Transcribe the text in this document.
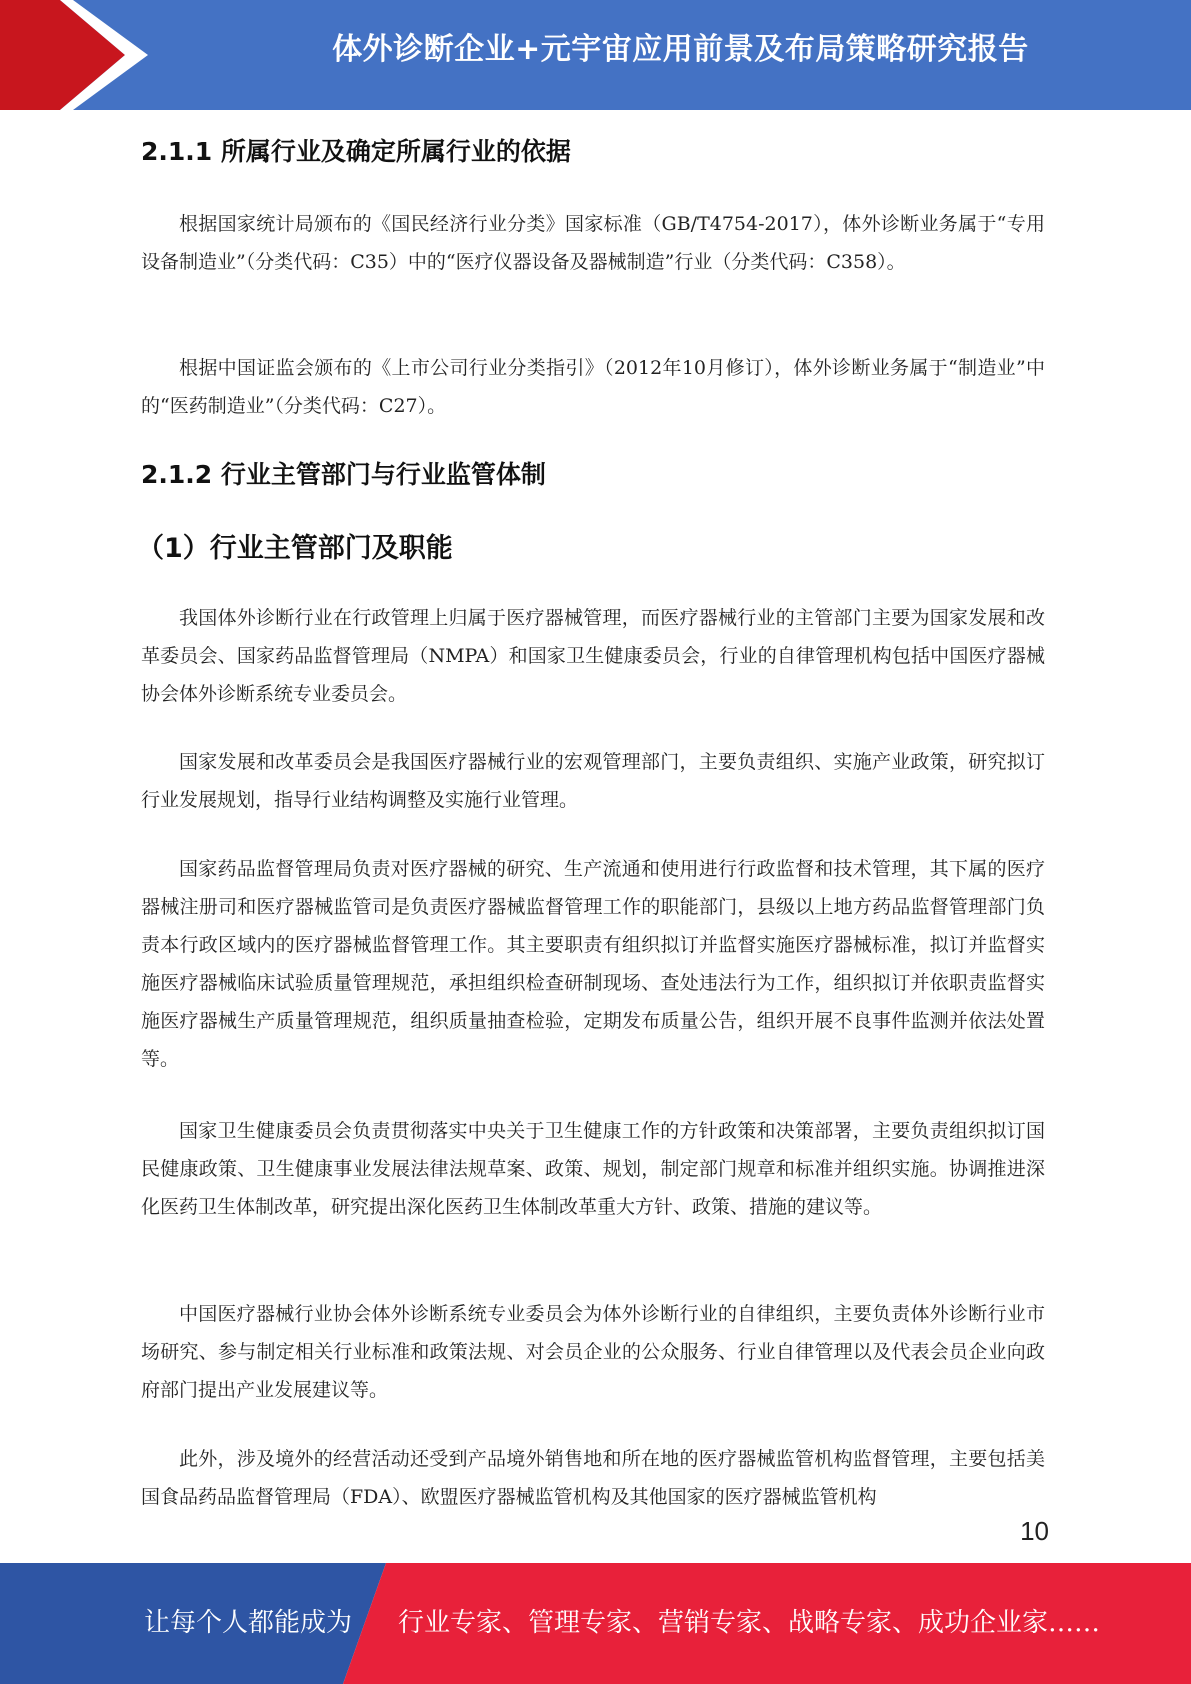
体外诊断企业+元宇宙应用前景及布局策略研究报告
2.1.1 所属行业及确定所属行业的依据

根据国家统计局颁布的《国民经济行业分类》国家标准（GB/T4754-2017），体外诊断业务属于“专用设备制造业”（分类代码：C35）中的“医疗仪器设备及器械制造”行业（分类代码：C358）。

根据中国证监会颁布的《上市公司行业分类指引》（2012年10月修订），体外诊断业务属于“制造业”中的“医药制造业”（分类代码：C27）。

2.1.2 行业主管部门与行业监管体制
（1）行业主管部门及职能

我国体外诊断行业在行政管理上归属于医疗器械管理，而医疗器械行业的主管部门主要为国家发展和改革委员会、国家药品监督管理局（NMPA）和国家卫生健康委员会，行业的自律管理机构包括中国医疗器械协会体外诊断系统专业委员会。

国家发展和改革委员会是我国医疗器械行业的宏观管理部门，主要负责组织、实施产业政策，研究拟订行业发展规划，指导行业结构调整及实施行业管理。

国家药品监督管理局负责对医疗器械的研究、生产流通和使用进行行政监督和技术管理，其下属的医疗器械注册司和医疗器械监管司是负责医疗器械监督管理工作的职能部门，县级以上地方药品监督管理部门负责本行政区域内的医疗器械监督管理工作。其主要职责有组织拟订并监督实施医疗器械标准，拟订并监督实施医疗器械临床试验质量管理规范，承担组织检查研制现场、查处违法行为工作，组织拟订并依职责监督实施医疗器械生产质量管理规范，组织质量抽查检验，定期发布质量公告，组织开展不良事件监测并依法处置等。

国家卫生健康委员会负责贯彻落实中央关于卫生健康工作的方针政策和决策部署，主要负责组织拟订国民健康政策、卫生健康事业发展法律法规草案、政策、规划，制定部门规章和标准并组织实施。协调推进深化医药卫生体制改革，研究提出深化医药卫生体制改革重大方针、政策、措施的建议等。

中国医疗器械行业协会体外诊断系统专业委员会为体外诊断行业的自律组织，主要负责体外诊断行业市场研究、参与制定相关行业标准和政策法规、对会员企业的公众服务、行业自律管理以及代表会员企业向政府部门提出产业发展建议等。

此外，涉及境外的经营活动还受到产品境外销售地和所在地的医疗器械监管机构监督管理，主要包括美国食品药品监督管理局（FDA）、欧盟医疗器械监管机构及其他国家的医疗器械监管机构

10
让每个人都能成为 行业专家、管理专家、营销专家、战略专家、成功企业家……
